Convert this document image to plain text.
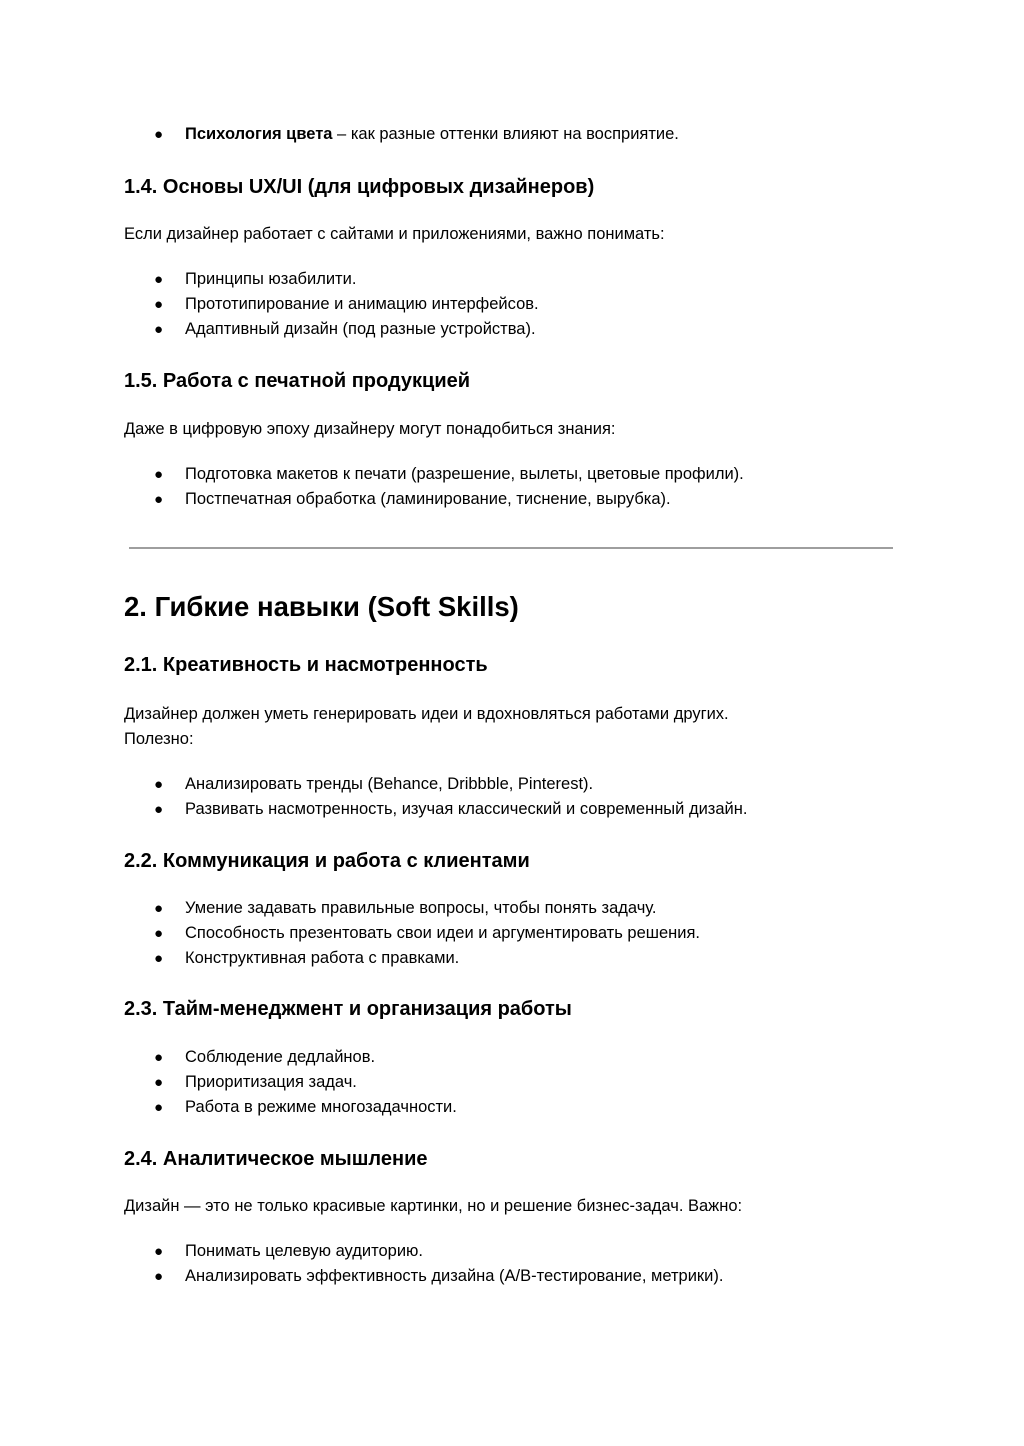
● Психология цвета – как разные оттенки влияют на восприятие.
1.4. Основы UX/UI (для цифровых дизайнеров)

Если дизайнер работает с сайтами и приложениями, важно понимать:

● Принципы юзабилити.
● Прототипирование и анимацию интерфейсов.
● Адаптивный дизайн (под разные устройства).
1.5. Работа с печатной продукцией

Даже в цифровую эпоху дизайнеру могут понадобиться знания:

● Подготовка макетов к печати (разрешение, вылеты, цветовые профили).
● Постпечатная обработка (ламинирование, тиснение, вырубка).
2. Гибкие навыки (Soft Skills)
2.1. Креативность и насмотренность

Дизайнер должен уметь генерировать идеи и вдохновляться работами других.

Полезно:

● Анализировать тренды (Behance, Dribbble, Pinterest).
● Развивать насмотренность, изучая классический и современный дизайн.
2.2. Коммуникация и работа с клиентами
● Умение задавать правильные вопросы, чтобы понять задачу.
● Способность презентовать свои идеи и аргументировать решения.
● Конструктивная работа с правками.
2.3. Тайм-менеджмент и организация работы
● Соблюдение дедлайнов.
● Приоритизация задач.
● Работа в режиме многозадачности.
2.4. Аналитическое мышление

Дизайн — это не только красивые картинки, но и решение бизнес-задач. Важно:

● Понимать целевую аудиторию.
● Анализировать эффективность дизайна (A/B-тестирование, метрики).
